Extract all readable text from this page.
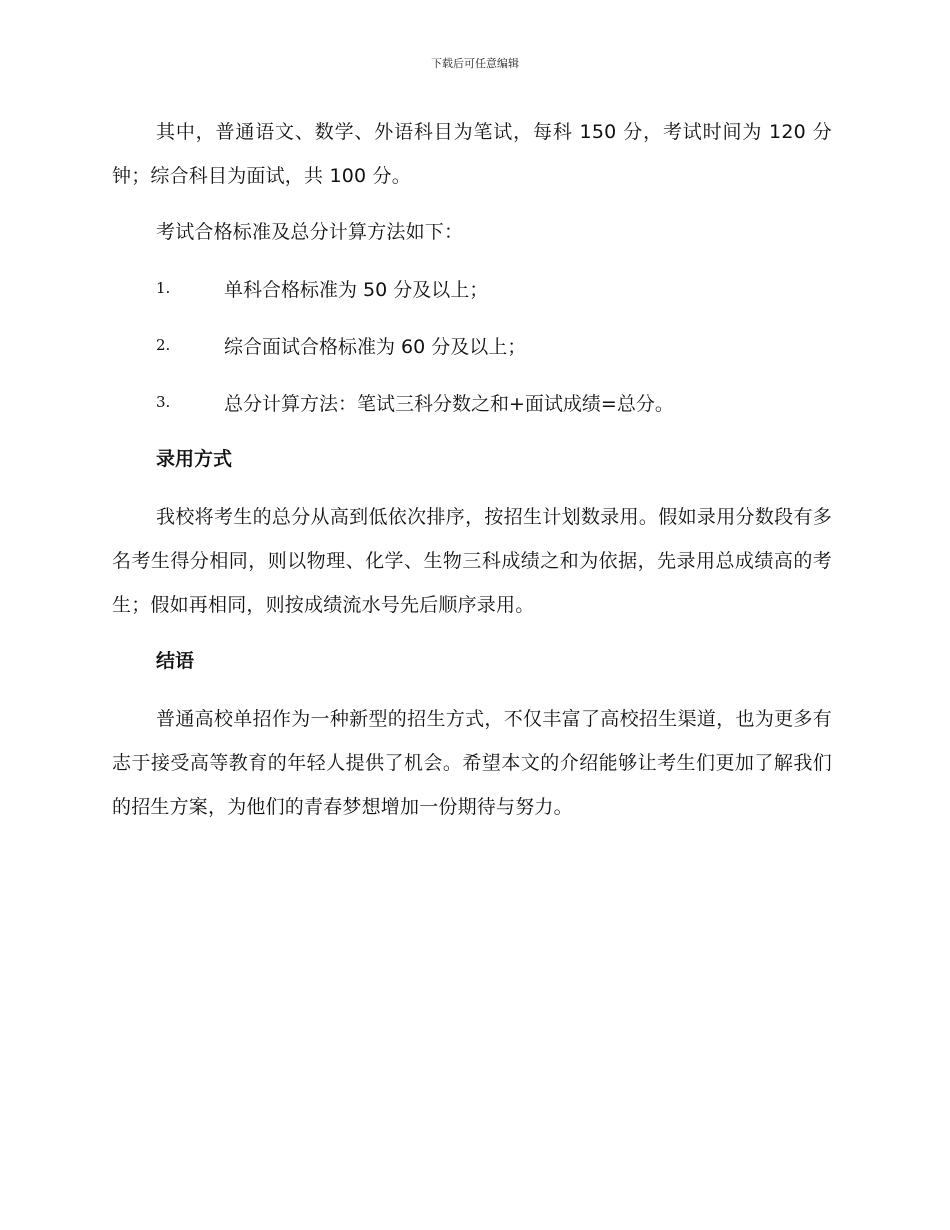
下载后可任意编辑

其中，普通语文、数学、外语科目为笔试，每科 150 分，考试时间为 120 分钟；综合科目为面试，共 100 分。

考试合格标准及总分计算方法如下：

1.	单科合格标准为 50 分及以上；
2.	综合面试合格标准为 60 分及以上；
3.	总分计算方法：笔试三科分数之和+面试成绩=总分。
录用方式

我校将考生的总分从高到低依次排序，按招生计划数录用。假如录用分数段有多名考生得分相同，则以物理、化学、生物三科成绩之和为依据，先录用总成绩高的考生；假如再相同，则按成绩流水号先后顺序录用。

结语

普通高校单招作为一种新型的招生方式，不仅丰富了高校招生渠道，也为更多有志于接受高等教育的年轻人提供了机会。希望本文的介绍能够让考生们更加了解我们的招生方案，为他们的青春梦想增加一份期待与努力。
